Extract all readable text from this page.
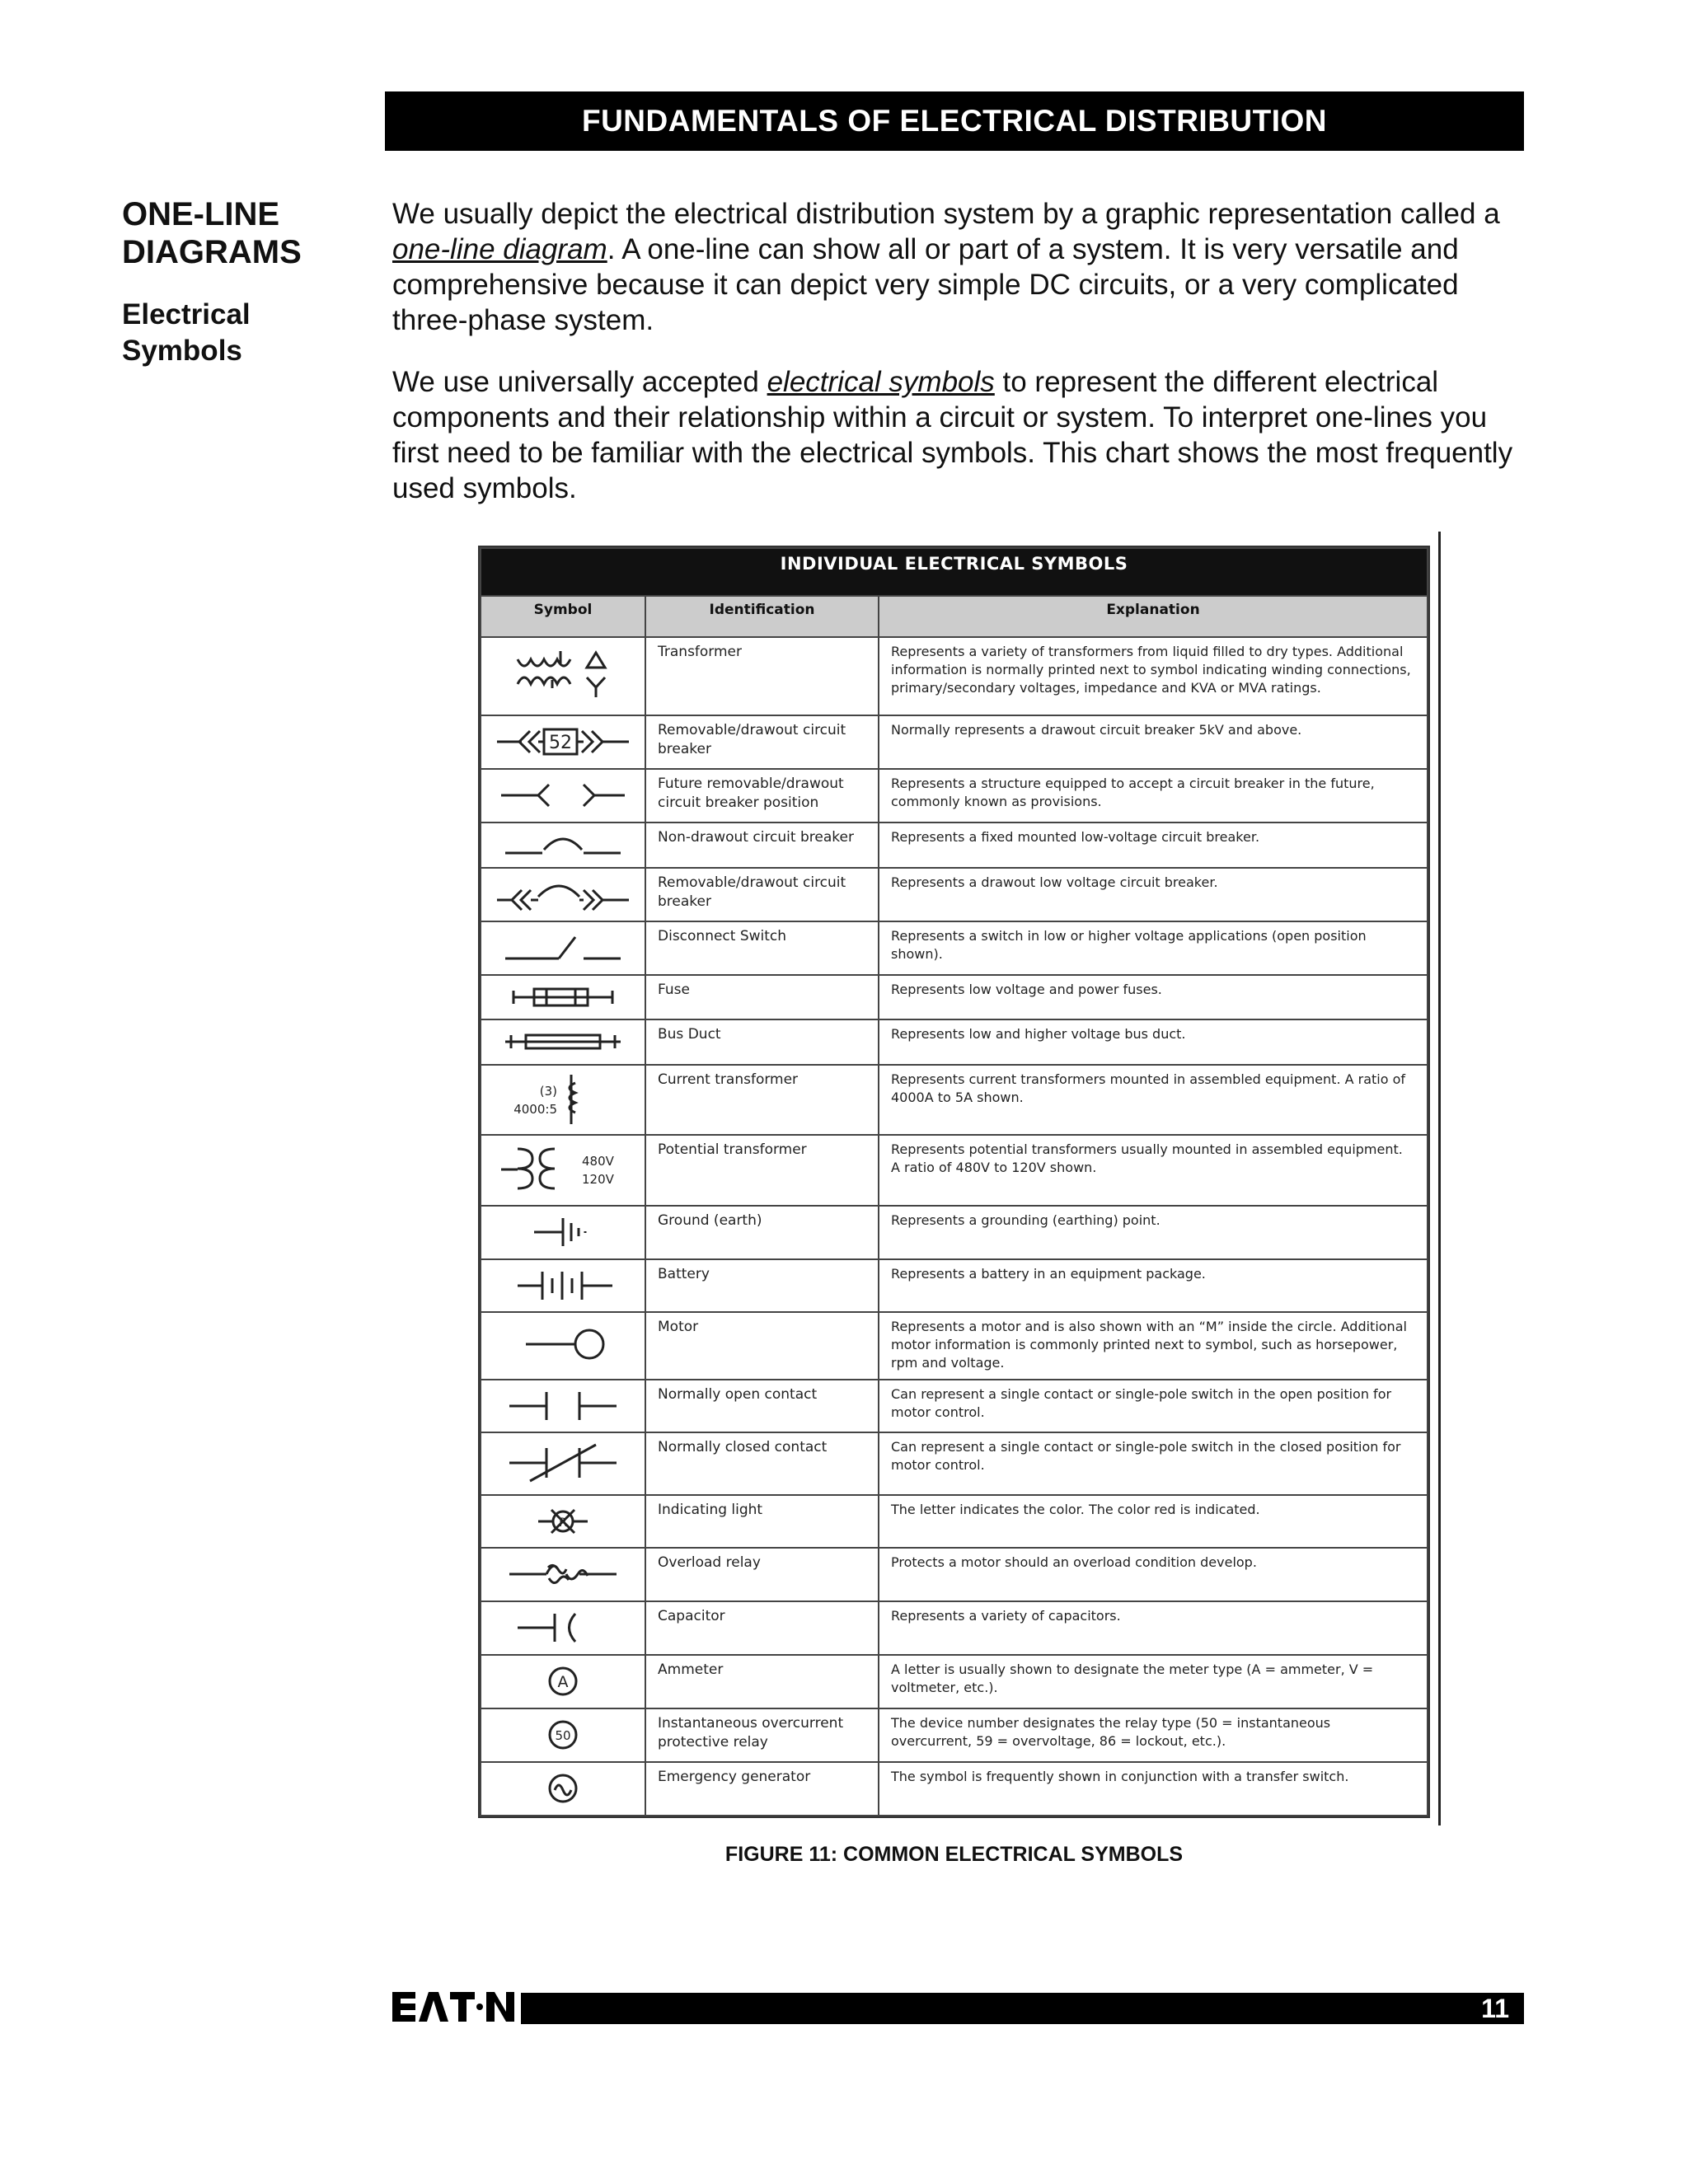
FUNDAMENTALS OF ELECTRICAL DISTRIBUTION
ONE-LINE DIAGRAMS
Electrical Symbols

We usually depict the electrical distribution system by a graphic representation called a one-line diagram. A one-line can show all or part of a system. It is very versatile and comprehensive because it can depict very simple DC circuits, or a very complicated three-phase system.

We use universally accepted electrical symbols to represent the different electrical components and their relationship within a circuit or system. To interpret one-lines you first need to be familiar with the electrical symbols. This chart shows the most frequently used symbols.

INDIVIDUAL ELECTRICAL SYMBOLS		
Symbol	Identification	Explanation

	Transformer	Represents a variety of transformers from liquid filled to dry types. Additional information is normally printed next to symbol indicating winding connections, primary/secondary voltages, impedance and KVA or MVA ratings.

52	Removable/drawout circuit breaker	Normally represents a drawout circuit breaker 5kV and above.

	Future removable/drawout circuit breaker position	Represents a structure equipped to accept a circuit breaker in the future, commonly known as provisions.

	Non-drawout circuit breaker	Represents a fixed mounted low-voltage circuit breaker.

	Removable/drawout circuit breaker	Represents a drawout low voltage circuit breaker.

	Disconnect Switch	Represents a switch in low or higher voltage applications (open position shown).

	Fuse	Represents low voltage and power fuses.

	Bus Duct	Represents low and higher voltage bus duct.

(3)
4000:5	Current transformer	Represents current transformers mounted in assembled equipment. A ratio of 4000A to 5A shown.

480V
120V	Potential transformer	Represents potential transformers usually mounted in assembled equipment. A ratio of 480V to 120V shown.

	Ground (earth)	Represents a grounding (earthing) point.

	Battery	Represents a battery in an equipment package.

	Motor	Represents a motor and is also shown with an “M” inside the circle. Additional motor information is commonly printed next to symbol, such as horsepower, rpm and voltage.

	Normally open contact	Can represent a single contact or single-pole switch in the open position for motor control.

	Normally closed contact	Can represent a single contact or single-pole switch in the closed position for motor control.

R	Indicating light	The letter indicates the color. The color red is indicated.

	Overload relay	Protects a motor should an overload condition develop.

	Capacitor	Represents a variety of capacitors.

A	Ammeter	A letter is usually shown to designate the meter type (A = ammeter, V = voltmeter, etc.).

50	Instantaneous overcurrent protective relay	The device number designates the relay type (50 = instantaneous overcurrent, 59 = overvoltage, 86 = lockout, etc.).

	Emergency generator	The symbol is frequently shown in conjunction with a transfer switch.
FIGURE 11: COMMON ELECTRICAL SYMBOLS
11
